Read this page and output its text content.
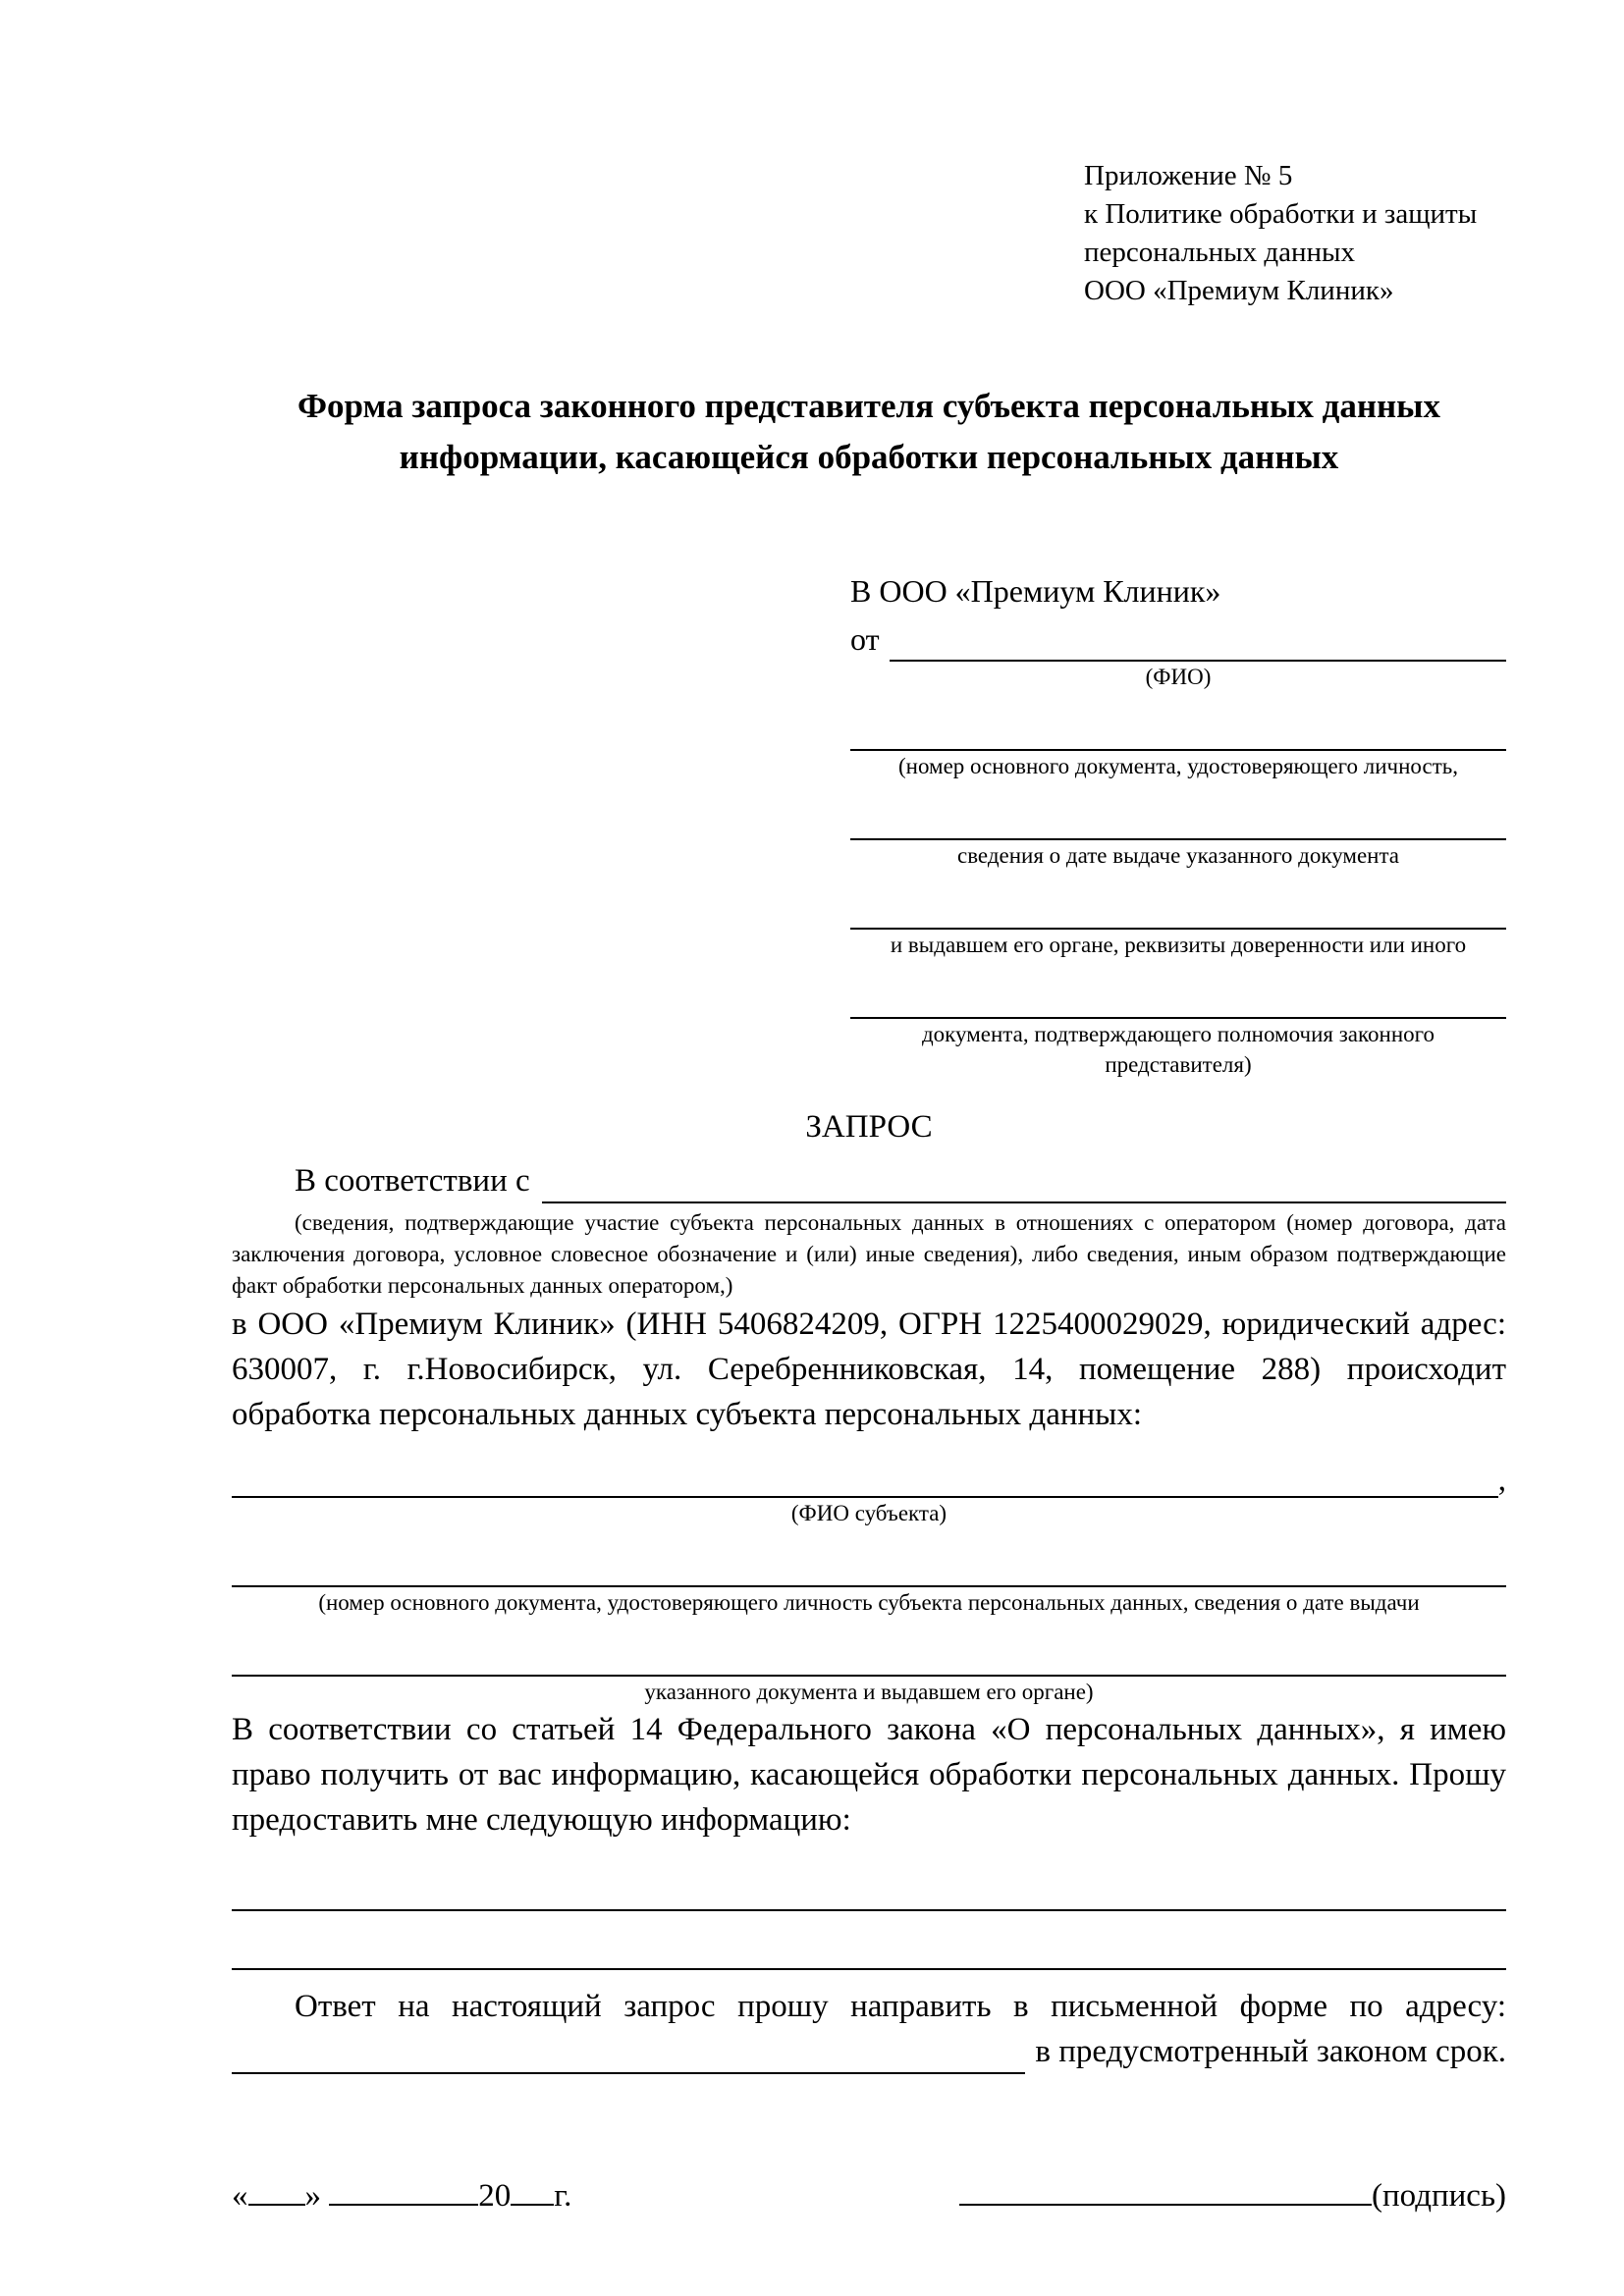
Приложение № 5
к Политике обработки и защиты
персональных данных
ООО «Премиум Клиник»
Форма запроса законного представителя субъекта персональных данных
информации, касающейся обработки персональных данных
В ООО «Премиум Клиник»
от
(ФИО)
(номер основного документа, удостоверяющего личность,
сведения о дате выдаче указанного документа
и выдавшем его органе, реквизиты доверенности или иного
документа, подтверждающего полномочия законного представителя)
ЗАПРОС
В соответствии с
(сведения, подтверждающие участие субъекта персональных данных в отношениях с оператором (номер договора, дата заключения договора, условное словесное обозначение и (или) иные сведения), либо сведения, иным образом подтверждающие факт обработки персональных данных оператором,)
в ООО «Премиум Клиник» (ИНН 5406824209, ОГРН 1225400029029, юридический адрес: 630007, г. г.Новосибирск, ул. Серебренниковская, 14, помещение 288) происходит обработка персональных данных субъекта персональных данных:
,
(ФИО субъекта)
(номер основного документа, удостоверяющего личность субъекта персональных данных, сведения о дате выдачи
указанного документа и выдавшем его органе)
В соответствии со статьей 14 Федерального закона «О персональных данных», я имею право получить от вас информацию, касающейся обработки персональных данных. Прошу предоставить мне следующую информацию:
Ответ на настоящий запрос прошу направить в письменной форме по адресу:
в предусмотренный законом срок.
« »	20 г.	(подпись)
